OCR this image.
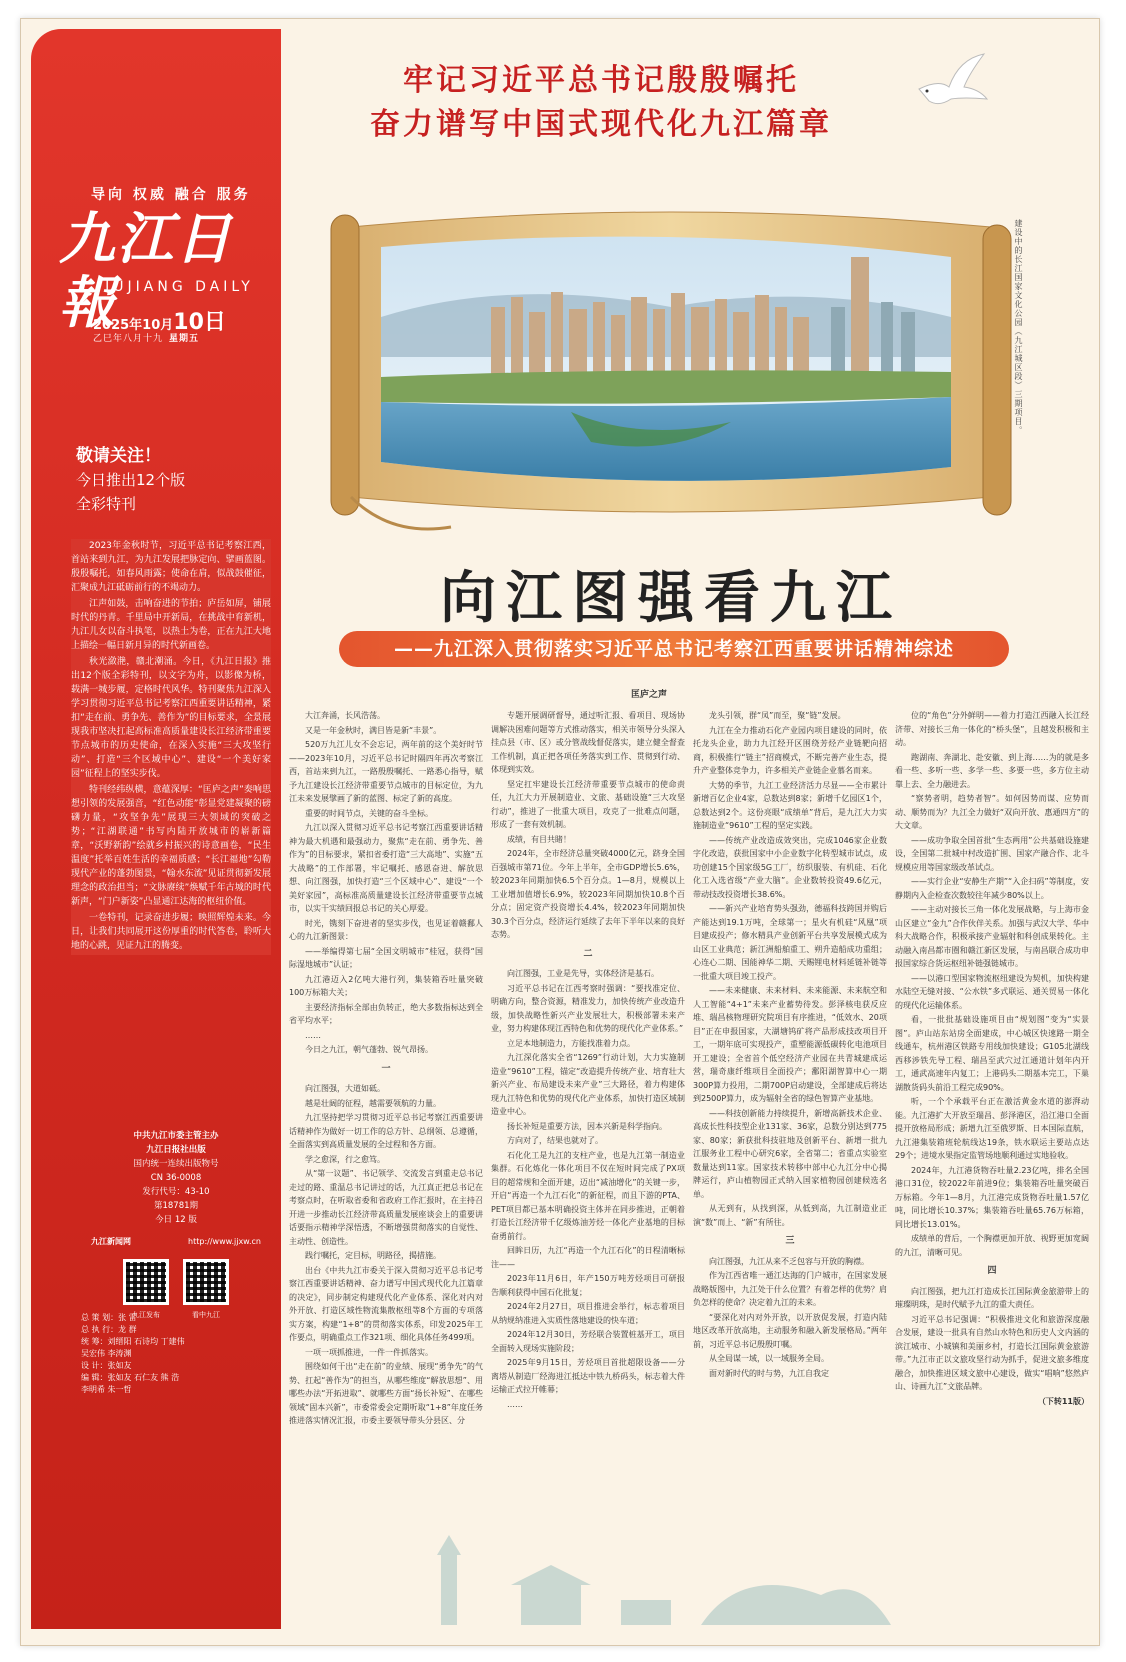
导向 权威 融合 服务
九江日報
JIUJIANG DAILY
2025年10月10日
乙巳年八月十九 星期五
敬请关注！
今日推出12个版
全彩特刊

2023年金秋时节，习近平总书记考察江西，首站来到九江，为九江发展把脉定向、擘画蓝图。殷殷嘱托，如春风雨露；使命在肩，似战鼓催征，汇聚成九江砥砺前行的不竭动力。

江声如鼓，击响奋进的节拍；庐岳如屏，铺展时代的丹青。千里局中开新局，在挑战中育新机，九江儿女以奋斗执笔，以热土为卷，正在九江大地上描绘一幅日新月异的时代新画卷。

秋光潋滟，赣北潮涌。今日，《九江日报》推出12个版全彩特刊，以文字为舟，以影像为桥，载满一城步履，定格时代风华。特刊聚焦九江深入学习贯彻习近平总书记考察江西重要讲话精神，紧扣“走在前、勇争先、善作为”的目标要求，全景展现我市坚决扛起高标准高质量建设长江经济带重要节点城市的历史使命，在深入实施“三大攻坚行动”、打造“三个区域中心”、建设“一个美好家园”征程上的坚实步伐。

特刊经纬纵横，意蕴深厚：“匡庐之声”奏响思想引领的发展强音，“红色动能”彰显党建凝聚的磅礴力量，“攻坚争先”展现三大领域的突破之势；“江湖联通”书写内陆开放城市的崭新篇章，“沃野新韵”绘就乡村振兴的诗意画卷，“民生温度”托举百姓生活的幸福质感；“长江福地”勾勒现代产业的蓬勃图景，“翰水东流”见证贯彻新发展理念的政治担当；“文脉赓续”焕赋千年古城的时代新声，“门户新姿”凸显通江达海的枢纽价值。

一卷特刊，记录奋进步履；映照辉煌未来。今日，让我们共同展开这份厚重的时代答卷，聆听大地的心跳，见证九江的腾变。

中共九江市委主管主办
九江日报社出版
国内统一连续出版物号
CN 36-0008
发行代号：43-10
第18781期
今日 12 版
九江新闻网	http://www.jjxw.cn
九江发布	看中九江
总 策 划：张 雷
总 执 行：龙 群
统 筹：刘缙阳 石诗均 丁建伟
吴宏伟 李涛渊
设 计：张如友
编 辑：张如友 石仁友 熊 浩
李明希 朱一哲
牢记习近平总书记殷殷嘱托
奋力谱写中国式现代化九江篇章
建设中的长江国家文化公园（九江城区段）三期项目。
向江图强看九江
——九江深入贯彻落实习近平总书记考察江西重要讲话精神综述
匡庐之声

大江奔涌，长风浩荡。

又是一年金秋时，满目皆是新“丰景”。

520万九江儿女不会忘记，两年前的这个美好时节——2023年10月，习近平总书记时隔四年再次考察江西，首站来到九江，一路殷殷嘱托、一路悉心指导，赋予九江建设长江经济带重要节点城市的目标定位，为九江未来发展擘画了新的蓝图、标定了新的高度。

重要的时间节点，关键的奋斗坐标。

九江以深入贯彻习近平总书记考察江西重要讲话精神为最大机遇和最强动力，聚焦“走在前、勇争先、善作为”的目标要求，紧扣省委打造“三大高地”、实施“五大战略”的工作部署，牢记嘱托、感恩奋进、解放思想、向江图强，加快打造“三个区域中心”、建设“一个美好家园”，高标准高质量建设长江经济带重要节点城市，以实干实绩回报总书记的关心厚爱。

时光，镌刻下奋进者的坚实步伐，也见证着赣鄱人心的九江新图景：

——举编得第七届“全国文明城市”桂冠，获得“国际湿地城市”认证；

九江港迈入2亿吨大港行列，集装箱吞吐量突破100万标箱大关；

主要经济指标全部由负转正，绝大多数指标达到全省平均水平；

……

今日之九江，朝气蓬勃、锐气昂扬。

一

向江图强，大道如砥。

越是壮阔的征程，越需要领航的力量。

九江坚持把学习贯彻习近平总书记考察江西重要讲话精神作为做好一切工作的总方针、总纲领、总遵循，全面落实到高质量发展的全过程和各方面。

学之愈深，行之愈笃。

从“第一议题”、书记领学、交流发言到重走总书记走过的路、重温总书记讲过的话，九江真正把总书记在考察点时，在听取省委和省政府工作汇报时，在主持召开进一步推动长江经济带高质量发展座谈会上的重要讲话要指示精神学深悟透，不断增强贯彻落实的自觉性、主动性、创造性。

践行嘱托，定目标，明路径，揭措施。

出台《中共九江市委关于深入贯彻习近平总书记考察江西重要讲话精神、奋力谱写中国式现代化九江篇章的决定》，同步制定构建现代化产业体系、深化对内对外开放、打造区域性物流集散枢纽等8个方面的专项落实方案，构建“1+8”的贯彻落实体系，印发2025年工作要点，明确重点工作321项、细化具体任务499项。

一项一项抓推进，一件一件抓落实。

围绕如何干出“走在前”的业绩、展现“勇争先”的气势、扛起“善作为”的担当，从哪些维度“解放思想”、用哪些办法“开拓进取”、就哪些方面“扬长补短”、在哪些领域“固本兴新”，市委常委会定期听取“1+8”年度任务推进落实情况汇报，市委主要领导带头分县区、分

专题开展调研督导，通过听汇报、看项目、现场协调解决困难问题等方式推动落实，相关市领导分头深入挂点县（市、区）或分管战线督促落实，建立健全督查工作机制，真正把各项任务落实到工作、贯彻到行动、体现到实效。

坚定扛牢建设长江经济带重要节点城市的使命责任，九江大力开展制造业、文旅、基础设施“三大攻坚行动”，推进了一批重大项目，攻克了一批难点问题，形成了一套有效机制。

成绩，有目共睹！

2024年，全市经济总量突破4000亿元，跻身全国百强城市第71位。今年上半年，全市GDP增长5.6%，较2023年同期加快6.5个百分点。1—8月，规模以上工业增加值增长6.9%，较2023年同期加快10.8个百分点；固定资产投资增长4.4%，较2023年同期加快30.3个百分点，经济运行延续了去年下半年以来的良好态势。

二

向江图强，工业是先导，实体经济是基石。

习近平总书记在江西考察时强调：“要找准定位、明确方向，整合资源，精准发力，加快传统产业改造升级，加快战略性新兴产业发展壮大，积极部署未来产业，努力构建体现江西特色和优势的现代化产业体系。”

立足本地制造力，方能找准着力点。

九江深化落实全省“1269”行动计划，大力实施制造业“9610”工程，锚定“改造提升传统产业、培育壮大新兴产业、布局建设未来产业”三大路径，着力构建体现九江特色和优势的现代化产业体系，加快打造区域制造业中心。

扬长补短是重要方法，因本兴新是科学指向。

方向对了，结果也就对了。

石化化工是九江的支柱产业，也是九江第一制造业集群。石化炼化一体化项目不仅在短时间完成了PX项目的超常规和全面开建，迈出“减油增化”的关键一步，开启“再造一个九江石化”的新征程，而且下游的PTA、PET项目都已基本明确投资主体并在同步推进，正朝着打造长江经济带千亿级炼油芳烃一体化产业基地的目标奋勇前行。

回眸日历，九江“再造一个九江石化”的日程清晰标注——

2023年11月6日，年产150万吨芳烃项目可研报告顺利获得中国石化批复；

2024年2月27日，项目推进会举行，标志着项目从纳规纳准进入实质性落地建设的快车道；

2024年12月30日，芳烃联合装置桩基开工，项目全面转入现场实施阶段；

2025年9月15日，芳烃项目首批超限设备——分离塔从制造厂经海进江抵达中铁九桥码头，标志着大件运输正式拉开帷幕；

……

龙头引领，群“凤”而至，聚“链”发展。

九江在全力推动石化产业园内项目建设的同时，依托龙头企业，助力九江经开区围绕芳烃产业链靶向招商，积极推行“链主”招商模式，不断完善产业生态，提升产业整体竞争力，许多相关产业链企业慕名而来。

大势的季节，九江工业经济活力尽显——全市累计新增百亿企业4家，总数达到8家；新增千亿园区1个，总数达到2个。这份亮眼“成绩单”背后，是九江大力实施制造业“9610”工程的坚定实践。

——传统产业改造成效突出，完成1046家企业数字化改造，获批国家中小企业数字化转型城市试点，成功创建15个国家级5G工厂，纺织服装、有机硅、石化化工入选省级“产业大脑”。企业数转投资49.6亿元，带动技改投资增长38.6%。

——新兴产业培育势头强劲，德福科技跨国并购后产能达到19.1万吨，全球第一；星火有机硅“风凰”项目建成投产；修水精具产业创新平台共享发展模式成为山区工业典范；新江洲船舶重工、朔升造船成功重组；心连心二期、国能神华二期、天赐锂电材料延链补链等一批重大项目竣工投产。

——未来健康、未来材料、未来能源、未来航空和人工智能“4+1”未来产业蓄势待发。彭泽核电获反应堆、瑞昌核物理研究院项目有序推进，“低效水、20项目”正在申报国家，大湖塘钨矿将产品形成技改项目开工，一期年底可实现投产，重塑能源低碳转化电池项目开工建设；全省首个低空经济产业园在共青城建成运营，瑞奇康纤维项目全面投产；鄱阳湖智算中心一期300P算力投用，二期700P启动建设，全部建成后将达到2500P算力，成为辐射全省的绿色智算产业基地。

——科技创新能力持续提升，新增高新技术企业、高成长性科技型企业131家、36家，总数分别达到775家、80家；新获批科技驻地及创新平台、新增一批九江服务业工程中心研究6家，全省第二；省重点实验室数量达到11家。国家技术转移中部中心九江分中心揭牌运行，庐山植物园正式纳入国家植物园创建候选名单。

从无到有，从找到深，从低到高，九江制造业正演“数”而上、“新”有所往。

三

向江图强，九江从来不乏包容与开放的胸襟。

作为江西省唯一通江达海的门户城市，在国家发展战略版图中，九江处于什么位置？有着怎样的优势？肩负怎样的使命？决定着九江的未来。

“要深化对内对外开放，以开放促发展，打造内陆地区改革开放高地，主动服务和融入新发展格局。”两年前，习近平总书记殷殷叮嘱。

从全局谋一域，以一域服务全局。

面对新时代的时与势，九江自我定

位的“角色”分外鲜明——着力打造江西融入长江经济带、对接长三角一体化的“桥头堡”，且越发积极和主动。

跑湖南、奔湖北、赴安徽、到上海……为的就是多看一些、多听一些、多学一些、多要一些，多方位主动靠上去、全力融进去。

“察势者明，趋势者智”。如何因势而谋、应势而动、顺势而为？九江全力做好“双向开放、惠通四方”的大文章。

——成功争取全国首批“生态两用”公共基础设施建设，全国第二批城中村改造扩围、国家产融合作、北斗规模应用等国家级改革试点。

——实行企业“安静生产期”“入企扫码”等制度，安静期内入企检查次数较往年减少80%以上。

——主动对接长三角一体化发展战略，与上海市金山区建立“金九”合作伙伴关系。加强与武汉大学、华中科大战略合作，积极承接产业辐射和科创成果转化。主动融入南昌都市圈和赣江新区发展，与南昌联合成功申报国家综合货运枢纽补链强链城市。

——以港口型国家物流枢纽建设为契机，加快构建水陆空无缝对接、“公水铁”多式联运、通关贸易一体化的现代化运输体系。

看，一批批基础设施项目由“规划图”变为“实景图”。庐山站东站房全面建成，中心城区快速路一期全线通车，杭州港区铁路专用线加快建设；G105北湖线西移涉铁先导工程、瑞昌至武穴过江通道计划年内开工，通武高速年内复工；上港码头二期基本完工，下巢湖散货码头前沿工程完成90%。

听，一个个承载平台正在激活黄金水道的澎湃动能。九江港扩大开放至瑞昌、彭泽港区，沿江港口全面提开放格局形成；新增九江至俄罗斯、日本国际直航，九江港集装箱班轮航线达19条，铁水联运主要站点达29个；进境水果指定监管场地顺利通过实地验收。

2024年，九江港货物吞吐量2.23亿吨，排名全国港口31位，较2022年前进9位；集装箱吞吐量突破百万标箱。今年1—8月，九江港完成货物吞吐量1.57亿吨，同比增长10.37%；集装箱吞吐量65.76万标箱，同比增长13.01%。

成绩单的背后，一个胸襟更加开放、视野更加宽阔的九江，清晰可见。

四

向江图强，把九江打造成长江国际黄金旅游带上的璀璨明珠，是时代赋予九江的重大责任。

习近平总书记强调：“积极推进文化和旅游深度融合发展，建设一批具有自然山水特色和历史人文内涵的滨江城市、小城镇和美丽乡村，打造长江国际黄金旅游带。”九江市正以文旅攻坚行动为抓手，促进文旅多维度融合，加快推进区域文旅中心建设，做实“唱响”悠然庐山、诗画九江”文旅品牌。

（下转11版）
